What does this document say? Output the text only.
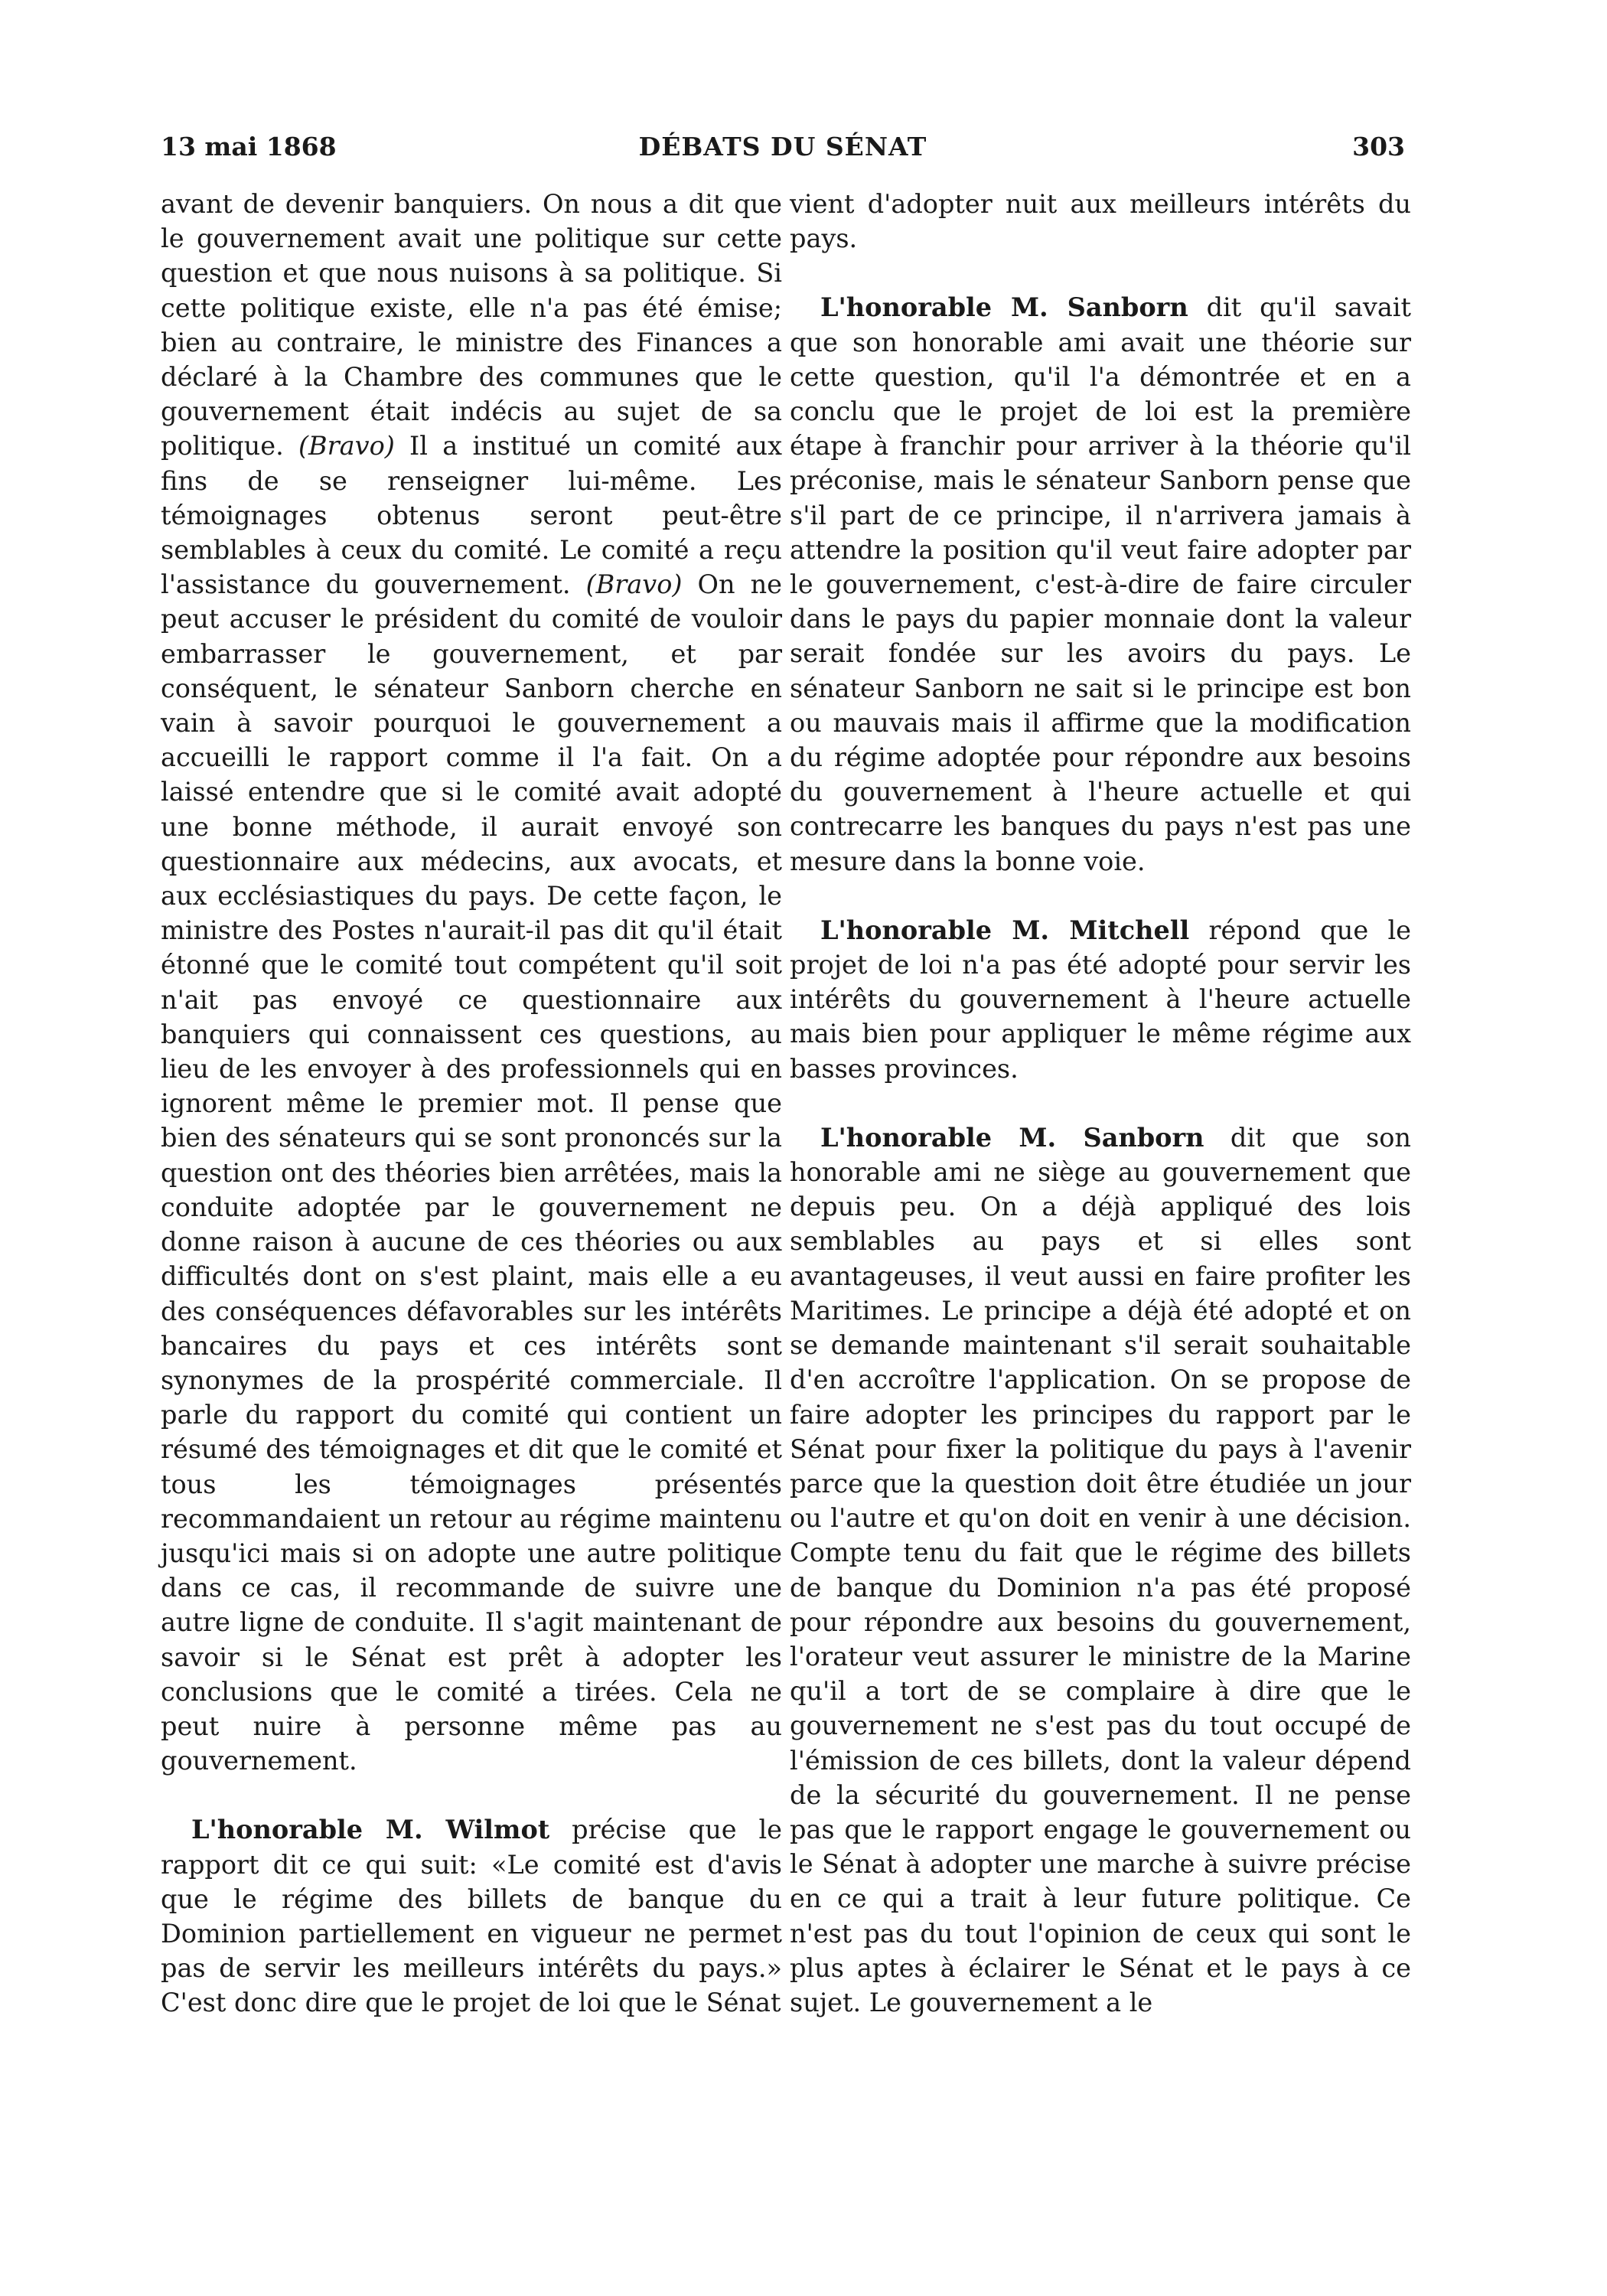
13 mai 1868	DÉBATS DU SÉNAT	303

avant de devenir banquiers. On nous a dit que le gouvernement avait une politique sur cette question et que nous nuisons à sa politique. Si cette politique existe, elle n'a pas été émise; bien au contraire, le ministre des Finances a déclaré à la Chambre des communes que le gouvernement était indécis au sujet de sa politique. (Bravo) Il a institué un comité aux fins de se renseigner lui-même. Les témoignages obtenus seront peut-être semblables à ceux du comité. Le comité a reçu l'assistance du gouvernement. (Bravo) On ne peut accuser le président du comité de vouloir embarrasser le gouvernement, et par conséquent, le sénateur Sanborn cherche en vain à savoir pourquoi le gouvernement a accueilli le rapport comme il l'a fait. On a laissé entendre que si le comité avait adopté une bonne méthode, il aurait envoyé son questionnaire aux médecins, aux avocats, et aux ecclésiastiques du pays. De cette façon, le ministre des Postes n'aurait-il pas dit qu'il était étonné que le comité tout compétent qu'il soit n'ait pas envoyé ce questionnaire aux banquiers qui connaissent ces questions, au lieu de les envoyer à des professionnels qui en ignorent même le premier mot. Il pense que bien des sénateurs qui se sont prononcés sur la question ont des théories bien arrêtées, mais la conduite adoptée par le gouvernement ne donne raison à aucune de ces théories ou aux difficultés dont on s'est plaint, mais elle a eu des conséquences défavorables sur les intérêts bancaires du pays et ces intérêts sont synonymes de la prospérité commerciale. Il parle du rapport du comité qui contient un résumé des témoignages et dit que le comité et tous les témoignages présentés recommandaient un retour au régime maintenu jusqu'ici mais si on adopte une autre politique dans ce cas, il recommande de suivre une autre ligne de conduite. Il s'agit maintenant de savoir si le Sénat est prêt à adopter les conclusions que le comité a tirées. Cela ne peut nuire à personne même pas au gouvernement.

L'honorable M. Wilmot précise que le rapport dit ce qui suit: «Le comité est d'avis que le régime des billets de banque du Dominion partiellement en vigueur ne permet pas de servir les meilleurs intérêts du pays.» C'est donc dire que le projet de loi que le Sénat

vient d'adopter nuit aux meilleurs intérêts du pays.

L'honorable M. Sanborn dit qu'il savait que son honorable ami avait une théorie sur cette question, qu'il l'a démontrée et en a conclu que le projet de loi est la première étape à franchir pour arriver à la théorie qu'il préconise, mais le sénateur Sanborn pense que s'il part de ce principe, il n'arrivera jamais à attendre la position qu'il veut faire adopter par le gouvernement, c'est-à-dire de faire circuler dans le pays du papier monnaie dont la valeur serait fondée sur les avoirs du pays. Le sénateur Sanborn ne sait si le principe est bon ou mauvais mais il affirme que la modification du régime adoptée pour répondre aux besoins du gouvernement à l'heure actuelle et qui contrecarre les banques du pays n'est pas une mesure dans la bonne voie.

L'honorable M. Mitchell répond que le projet de loi n'a pas été adopté pour servir les intérêts du gouvernement à l'heure actuelle mais bien pour appliquer le même régime aux basses provinces.

L'honorable M. Sanborn dit que son honorable ami ne siège au gouvernement que depuis peu. On a déjà appliqué des lois semblables au pays et si elles sont avantageuses, il veut aussi en faire profiter les Maritimes. Le principe a déjà été adopté et on se demande maintenant s'il serait souhaitable d'en accroître l'application. On se propose de faire adopter les principes du rapport par le Sénat pour fixer la politique du pays à l'avenir parce que la question doit être étudiée un jour ou l'autre et qu'on doit en venir à une décision. Compte tenu du fait que le régime des billets de banque du Dominion n'a pas été proposé pour répondre aux besoins du gouvernement, l'orateur veut assurer le ministre de la Marine qu'il a tort de se complaire à dire que le gouvernement ne s'est pas du tout occupé de l'émission de ces billets, dont la valeur dépend de la sécurité du gouvernement. Il ne pense pas que le rapport engage le gouvernement ou le Sénat à adopter une marche à suivre précise en ce qui a trait à leur future politique. Ce n'est pas du tout l'opinion de ceux qui sont le plus aptes à éclairer le Sénat et le pays à ce sujet. Le gouvernement a le
